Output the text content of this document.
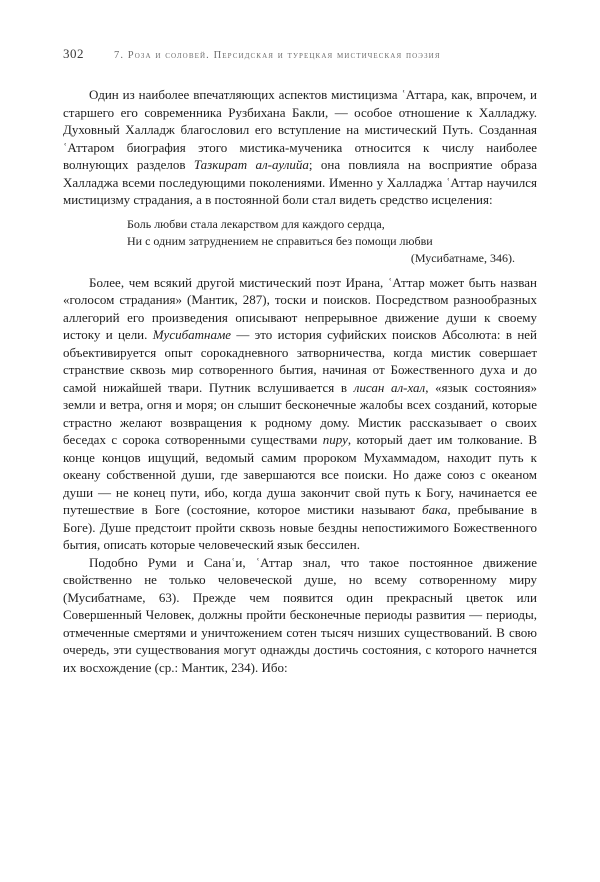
302	7. Роза и соловей. Персидская и турецкая мистическая поэзия

Один из наиболее впечатляющих аспектов мистицизма ʿАттара, как, впрочем, и старшего его современника Рузбихана Бакли, — особое отношение к Халладжу. Духовный Халладж благословил его вступление на мистический Путь. Созданная ʿАттаром биография этого мистика-мученика относится к числу наиболее волнующих разделов Тазкират ал-аулийа; она повлияла на восприятие образа Халладжа всеми последующими поколениями. Именно у Халладжа ʿАттар научился мистицизму страдания, а в постоянной боли стал видеть средство исцеления:

Боль любви стала лекарством для каждого сердца,
Ни с одним затруднением не справиться без помощи любви
(Мусибатнаме, 346).

Более, чем всякий другой мистический поэт Ирана, ʿАттар может быть назван «голосом страдания» (Мантик, 287), тоски и поисков. Посредством разнообразных аллегорий его произведения описывают непрерывное движение души к своему истоку и цели. Мусибатнаме — это история суфийских поисков Абсолюта: в ней объективируется опыт сорокадневного затворничества, когда мистик совершает странствие сквозь мир сотворенного бытия, начиная от Божественного духа и до самой нижайшей твари. Путник вслушивается в лисан ал-хал, «язык состояния» земли и ветра, огня и моря; он слышит бесконечные жалобы всех созданий, которые страстно желают возвращения к родному дому. Мистик рассказывает о своих беседах с сорока сотворенными существами пиру, который дает им толкование. В конце концов ищущий, ведомый самим пророком Мухаммадом, находит путь к океану собственной души, где завершаются все поиски. Но даже союз с океаном души — не конец пути, ибо, когда душа закончит свой путь к Богу, начинается ее путешествие в Боге (состояние, которое мистики называют бака, пребывание в Боге). Душе предстоит пройти сквозь новые бездны непостижимого Божественного бытия, описать которые человеческий язык бессилен.

Подобно Руми и Санаʿи, ʿАттар знал, что такое постоянное движение свойственно не только человеческой душе, но всему сотворенному миру (Мусибатнаме, 63). Прежде чем появится один прекрасный цветок или Совершенный Человек, должны пройти бесконечные периоды развития — периоды, отмеченные смертями и уничтожением сотен тысяч низших существований. В свою очередь, эти существования могут однажды достичь состояния, с которого начнется их восхождение (ср.: Мантик, 234). Ибо:
